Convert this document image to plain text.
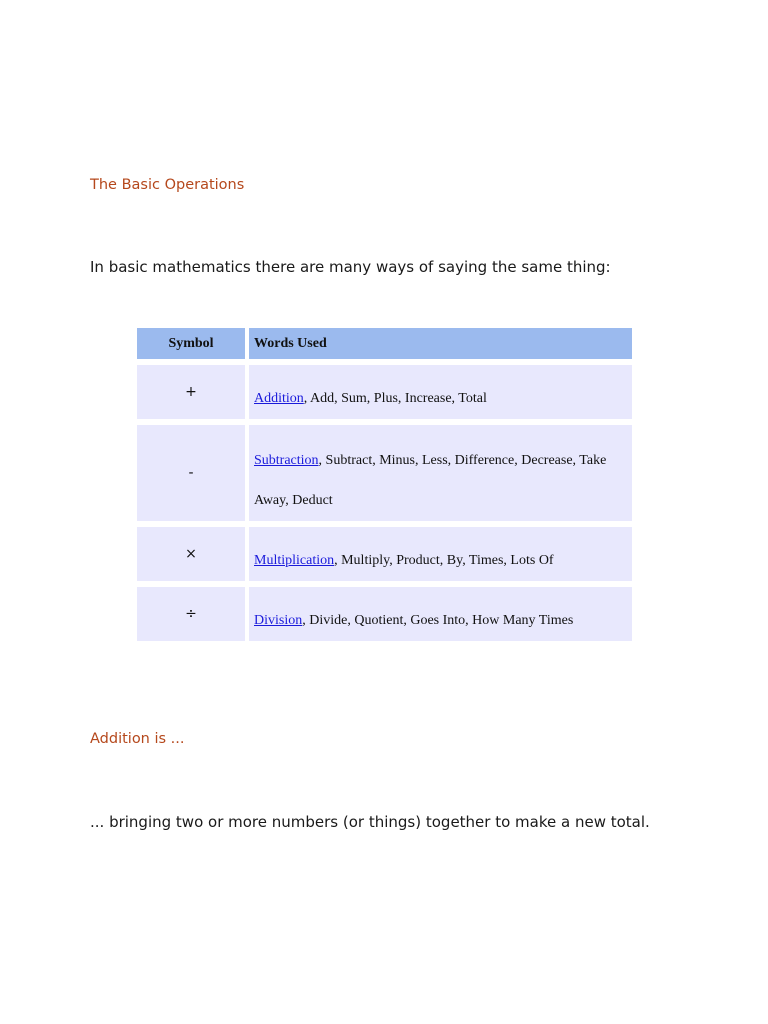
The Basic Operations

In basic mathematics there are many ways of saying the same thing:

Symbol	Words Used
+	Addition, Add, Sum, Plus, Increase, Total
-	Subtraction, Subtract, Minus, Less, Difference, Decrease, Take Away, Deduct
×	Multiplication, Multiply, Product, By, Times, Lots Of
÷	Division, Divide, Quotient, Goes Into, How Many Times
Addition is ...

... bringing two or more numbers (or things) together to make a new total.
